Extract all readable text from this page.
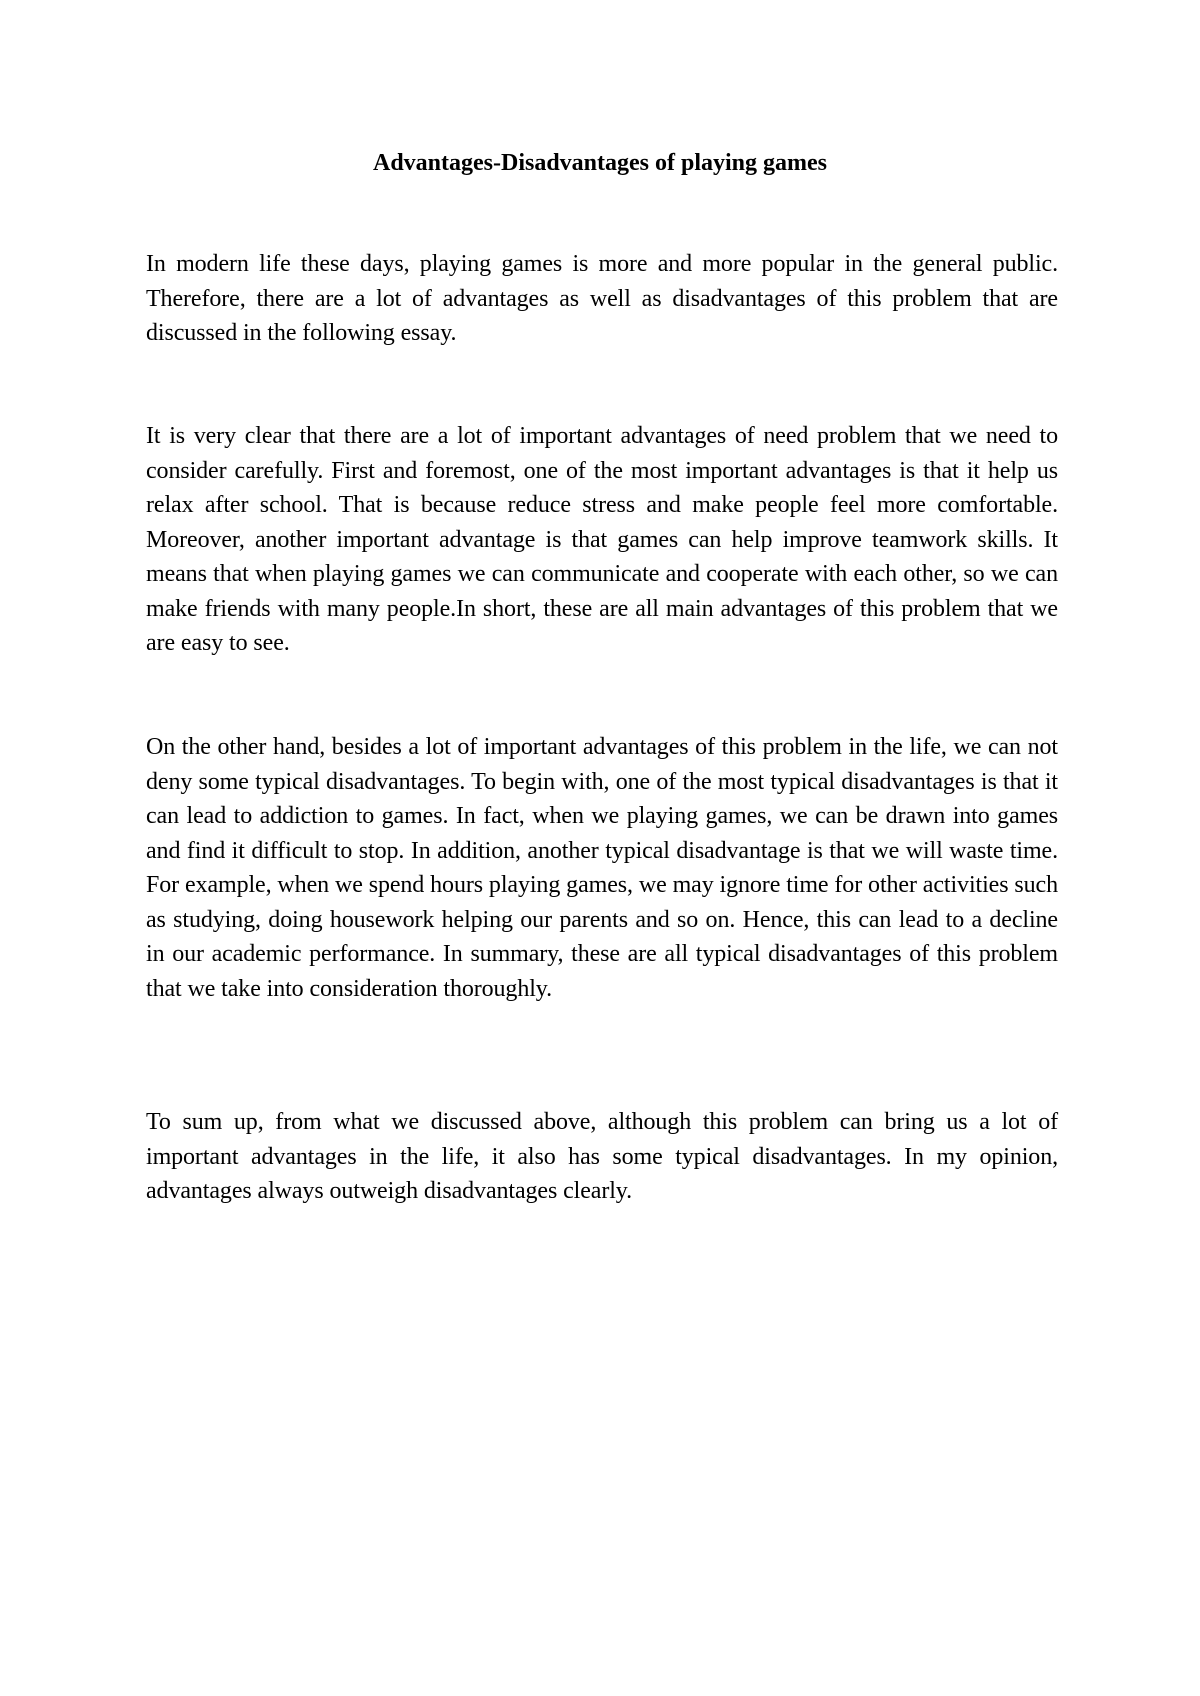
Advantages-Disadvantages of playing games

In modern life these days, playing games is more and more popular in the general public. Therefore, there are a lot of advantages as well as disadvantages of this problem that are discussed in the following essay.

It is very clear that there are a lot of important advantages of need problem that we need to consider carefully. First and foremost, one of the most important advantages is that it help us relax after school. That is because reduce stress and make people feel more comfortable. Moreover, another important advantage is that games can help improve teamwork skills. It means that when playing games we can communicate and cooperate with each other, so we can make friends with many people.In short, these are all main advantages of this problem that we are easy to see.

On the other hand, besides a lot of important advantages of this problem in the life, we can not deny some typical disadvantages. To begin with, one of the most typical disadvantages is that it can lead to addiction to games. In fact, when we playing games, we can be drawn into games and find it difficult to stop. In addition, another typical disadvantage is that we will waste time. For example, when we spend hours playing games, we may ignore time for other activities such as studying, doing housework helping our parents and so on. Hence, this can lead to a decline in our academic performance. In summary, these are all typical disadvantages of this problem that we take into consideration thoroughly.

To sum up, from what we discussed above, although this problem can bring us a lot of important advantages in the life, it also has some typical disadvantages. In my opinion, advantages always outweigh disadvantages clearly.
